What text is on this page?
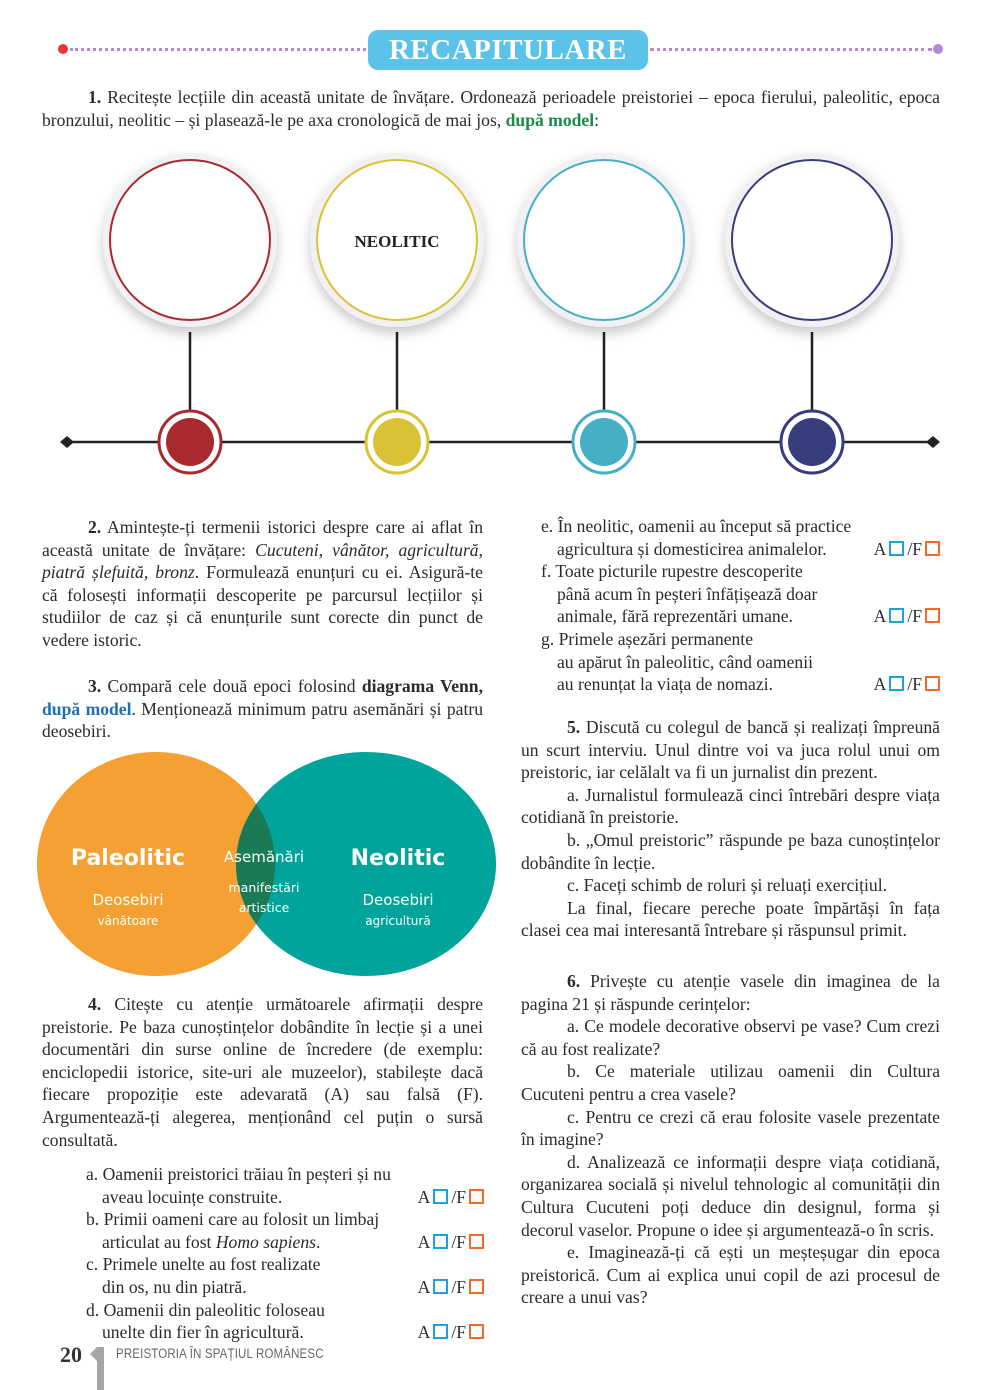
RECAPITULARE
1. Recitește lecțiile din această unitate de învățare. Ordonează perioadele preistoriei – epoca fierului, paleolitic, epoca bronzului, neolitic – și plasează-le pe axa cronologică de mai jos, după model:
NEOLITIC
2. Amintește-ți termenii istorici despre care ai aflat în această unitate de învățare: Cucuteni, vânător, agricultură, piatră șlefuită, bronz. Formulează enunțuri cu ei. Asigură-te că folosești informații descoperite pe parcursul lecțiilor și studiilor de caz și că enunțurile sunt corecte din punct de vedere istoric.
3. Compară cele două epoci folosind diagrama Venn, după model. Menționează minimum patru asemănări și patru deosebiri.
Paleolitic
Deosebiri
vânătoare
Asemănări
manifestări
artistice
Neolitic
Deosebiri
agricultură
4. Citește cu atenție următoarele afirmații despre preistorie. Pe baza cunoștințelor dobândite în lecție și a unei documentări din surse online de încredere (de exemplu: enciclopedii istorice, site-uri ale muzeelor), stabilește dacă fiecare propoziție este adevarată (A) sau falsă (F). Argumentează-ți alegerea, menționând cel puțin o sursă consultată.
a. Oamenii preistorici trăiau în peșteri și nu
aveau locuințe construite.	A /F
b. Primii oameni care au folosit un limbaj
articulat au fost Homo sapiens.	A /F
c. Primele unelte au fost realizate
din os, nu din piatră.	A /F
d. Oamenii din paleolitic foloseau
unelte din fier în agricultură.	A /F
e. În neolitic, oamenii au început să practice
agricultura și domesticirea animalelor.	A /F
f. Toate picturile rupestre descoperite
până acum în peșteri înfățișează doar
animale, fără reprezentări umane.	A /F
g. Primele așezări permanente
au apărut în paleolitic, când oamenii
au renunțat la viața de nomazi.	A /F
5. Discută cu colegul de bancă și realizați împreună un scurt interviu. Unul dintre voi va juca rolul unui om preistoric, iar celălalt va fi un jurnalist din prezent.
a. Jurnalistul formulează cinci întrebări despre viața cotidiană în preistorie.
b. „Omul preistoric” răspunde pe baza cunoștințelor dobândite în lecție.
c. Faceți schimb de roluri și reluați exercițiul.
La final, fiecare pereche poate împărtăși în fața clasei cea mai interesantă întrebare și răspunsul primit.
6. Privește cu atenție vasele din imaginea de la pagina 21 și răspunde cerințelor:
a. Ce modele decorative observi pe vase? Cum crezi că au fost realizate?
b. Ce materiale utilizau oamenii din Cultura Cucuteni pentru a crea vasele?
c. Pentru ce crezi că erau folosite vasele prezentate în imagine?
d. Analizează ce informații despre viața cotidiană, organizarea socială și nivelul tehnologic al comunității din Cultura Cucuteni poți deduce din designul, forma și decorul vaselor. Propune o idee și argumentează-o în scris.
e. Imaginează-ți că ești un meșteșugar din epoca preistorică. Cum ai explica unui copil de azi procesul de creare a unui vas?
20	PREISTORIA ÎN SPAȚIUL ROMÂNESC
